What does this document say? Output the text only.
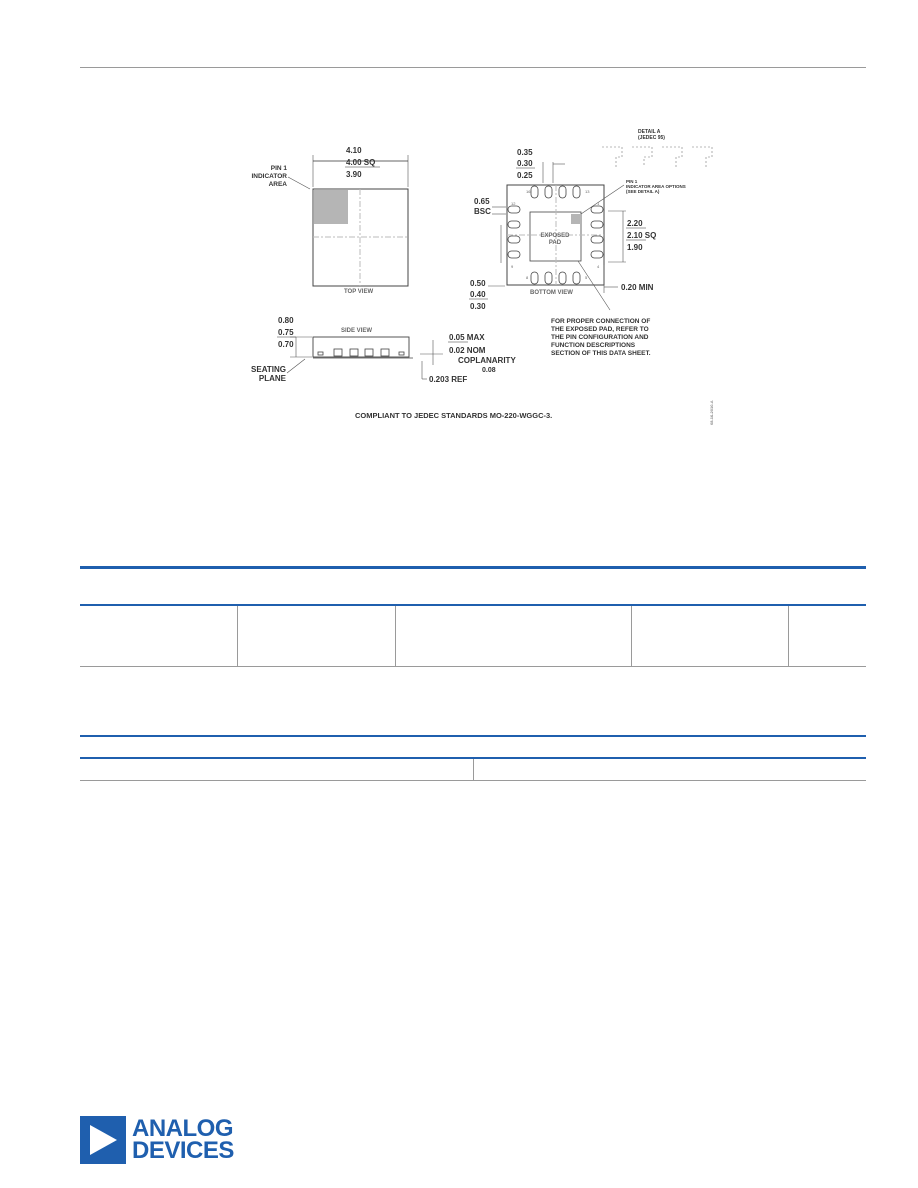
TOP VIEW
PIN 1
INDICATOR
AREA
4.10
4.00 SQ
3.90
EXPOSED
PAD
16	13
12
9
8	5
4
1
BOTTOM VIEW
0.35
0.30
0.25
0.65
BSC
0.50
0.40
0.30
2.20
2.10 SQ
1.90
0.20 MIN
PIN 1
INDICATOR AREA OPTIONS
(SEE DETAIL A)
DETAIL A
(JEDEC 95)
FOR PROPER CONNECTION OF
THE EXPOSED PAD, REFER TO
THE PIN CONFIGURATION AND
FUNCTION DESCRIPTIONS
SECTION OF THIS DATA SHEET.
SIDE VIEW
0.80
0.75
0.70
SEATING
PLANE
0.05 MAX
0.02 NOM
COPLANARITY
0.08
0.203 REF
COMPLIANT TO JEDEC STANDARDS MO-220-WGGC-3.	08-16-2010-A
ANALOG
DEVICES
